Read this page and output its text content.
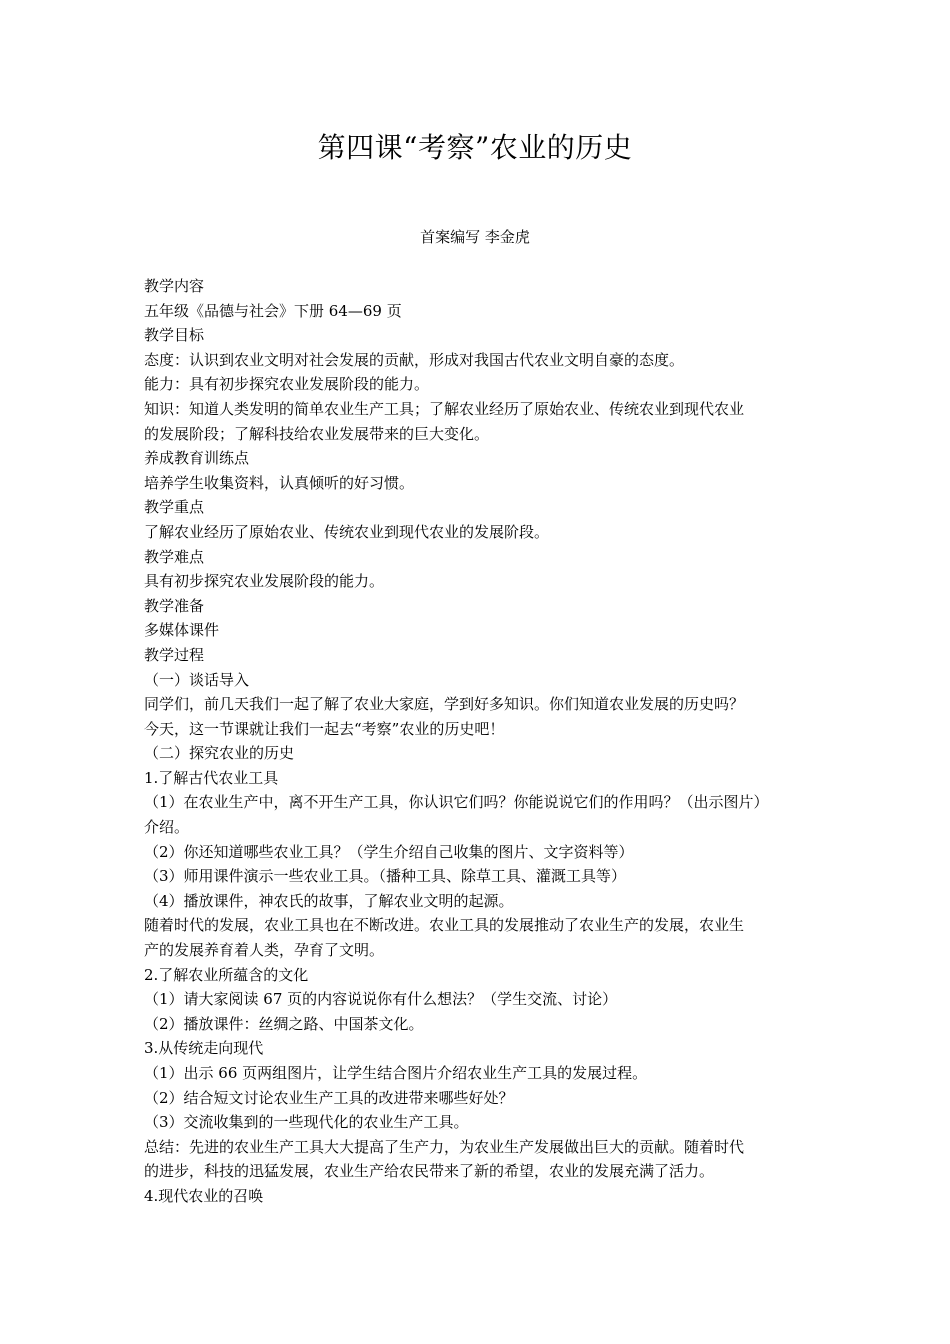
第四课“考察”农业的历史
首案编写 李金虎

教学内容

五年级《品德与社会》下册 64—69 页

教学目标

态度：认识到农业文明对社会发展的贡献，形成对我国古代农业文明自豪的态度。

能力：具有初步探究农业发展阶段的能力。

知识：知道人类发明的简单农业生产工具；了解农业经历了原始农业、传统农业到现代农业

的发展阶段；了解科技给农业发展带来的巨大变化。

养成教育训练点

培养学生收集资料，认真倾听的好习惯。

教学重点

了解农业经历了原始农业、传统农业到现代农业的发展阶段。

教学难点

具有初步探究农业发展阶段的能力。

教学准备

多媒体课件

教学过程

（一）谈话导入

同学们，前几天我们一起了解了农业大家庭，学到好多知识。你们知道农业发展的历史吗？

今天，这一节课就让我们一起去“考察”农业的历史吧！

（二）探究农业的历史

1.了解古代农业工具

（1）在农业生产中，离不开生产工具，你认识它们吗？你能说说它们的作用吗？（出示图片）

介绍。

（2）你还知道哪些农业工具？（学生介绍自己收集的图片、文字资料等）

（3）师用课件演示一些农业工具。（播种工具、除草工具、灌溉工具等）

（4）播放课件，神农氏的故事，了解农业文明的起源。

随着时代的发展，农业工具也在不断改进。农业工具的发展推动了农业生产的发展，农业生

产的发展养育着人类，孕育了文明。

2.了解农业所蕴含的文化

（1）请大家阅读 67 页的内容说说你有什么想法？（学生交流、讨论）

（2）播放课件：丝绸之路、中国茶文化。

3.从传统走向现代

（1）出示 66 页两组图片，让学生结合图片介绍农业生产工具的发展过程。

（2）结合短文讨论农业生产工具的改进带来哪些好处？

（3）交流收集到的一些现代化的农业生产工具。

总结：先进的农业生产工具大大提高了生产力，为农业生产发展做出巨大的贡献。随着时代

的进步，科技的迅猛发展，农业生产给农民带来了新的希望，农业的发展充满了活力。

4.现代农业的召唤
